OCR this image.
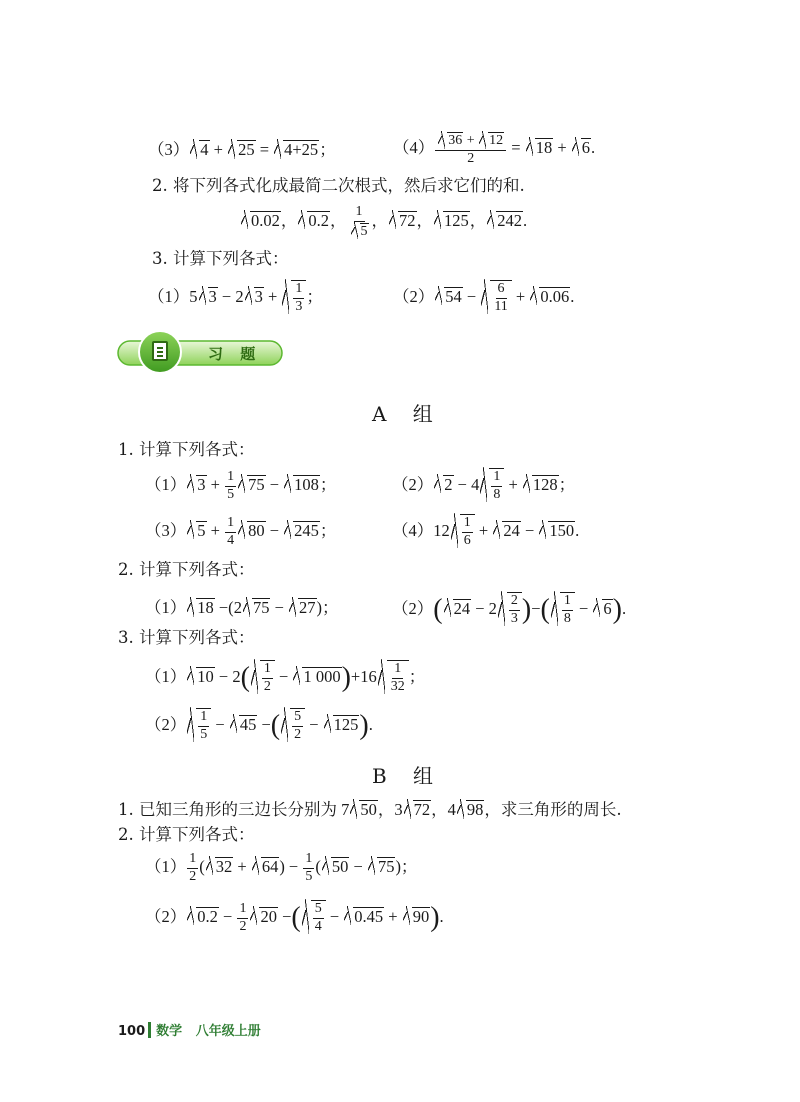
（3） 4 + 25 = 4+25；	$(4) \frac{36 + 12}{2} = 18 + 6$.
2. 将下列各式化成最简二次根式，然后求它们的和.
0.02， 0.2， $\frac{1}{5}$ ， 72， 125， 242.
3. 计算下列各式：
（1）5 3 − 2 $3 + \frac{1}{3}$ ；	（2） $54 - \frac{6}{11} + 0.06$.
习 题
A 组
1. 计算下列各式：
（1） $3 + \frac{1}{5} 75 - 108$；	（2） $2 - 4 \frac{1}{8} + 128$；
（3） $5 + \frac{1}{4} 80 - 245$；	$(4)12 \frac{1}{6} + 24 - 150$.
2. 计算下列各式：
（1） 18 −(2 75 − 27)；	（2）( $24 - 2 \frac{2}{3}$ )−( $\frac{1}{8} - 6$).
3. 计算下列各式：
（1） $10 - 2( \frac{1}{2} - 1$ $000)+16 \frac{1}{32}$ ；
$(2) \frac{1}{5} - 45$ −( $\frac{5}{2} - 125$).
B 组
1. 已知三角形的三边长分别为 7 50，3 72，4 98，求三角形的周长.
2. 计算下列各式：
$(1) \frac{1}{2}$ ( $32 + 64) - \frac{1}{5}$ ( 50 − 75)；
（2） $0.2 - \frac{1}{2} 20$ −( $\frac{5}{4} - 0.45 + 90$).
100 数学 八年级上册
